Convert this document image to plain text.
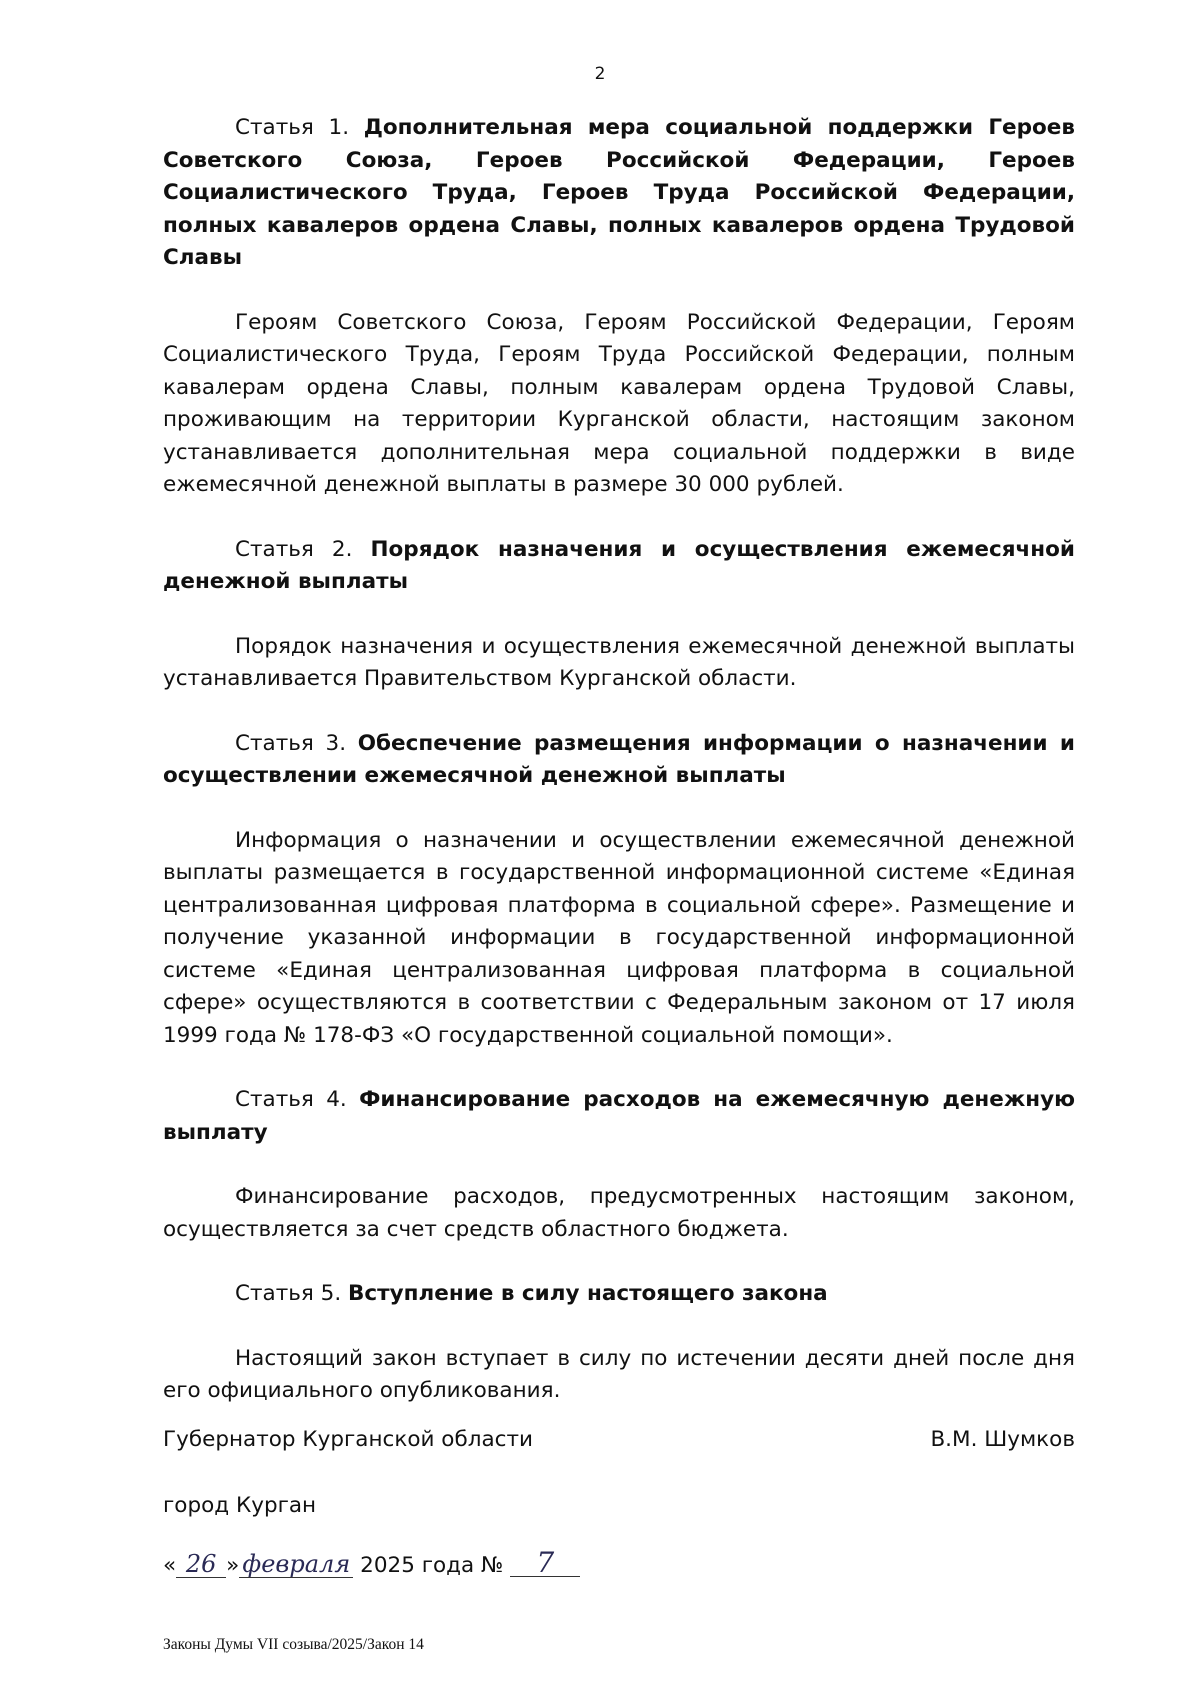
2

Статья 1. Дополнительная мера социальной поддержки Героев Советского Союза, Героев Российской Федерации, Героев Социалистического Труда, Героев Труда Российской Федерации, полных кавалеров ордена Славы, полных кавалеров ордена Трудовой Славы

Героям Советского Союза, Героям Российской Федерации, Героям Социалистического Труда, Героям Труда Российской Федерации, полным кавалерам ордена Славы, полным кавалерам ордена Трудовой Славы, проживающим на территории Курганской области, настоящим законом устанавливается дополнительная мера социальной поддержки в виде ежемесячной денежной выплаты в размере 30 000 рублей.

Статья 2. Порядок назначения и осуществления ежемесячной денежной выплаты

Порядок назначения и осуществления ежемесячной денежной выплаты устанавливается Правительством Курганской области.

Статья 3. Обеспечение размещения информации о назначении и осуществлении ежемесячной денежной выплаты

Информация о назначении и осуществлении ежемесячной денежной выплаты размещается в государственной информационной системе «Единая централизованная цифровая платформа в социальной сфере». Размещение и получение указанной информации в государственной информационной системе «Единая централизованная цифровая платформа в социальной сфере» осуществляются в соответствии с Федеральным законом от 17 июля 1999 года № 178-ФЗ «О государственной социальной помощи».

Статья 4. Финансирование расходов на ежемесячную денежную выплату

Финансирование расходов, предусмотренных настоящим законом, осуществляется за счет средств областного бюджета.

Статья 5. Вступление в силу настоящего закона

Настоящий закон вступает в силу по истечении десяти дней после дня его официального опубликования.

Губернатор Курганской области	В.М. Шумков
город Курган
« 26 » февраля 2025 года № 7
Законы Думы VII созыва/2025/Закон 14
